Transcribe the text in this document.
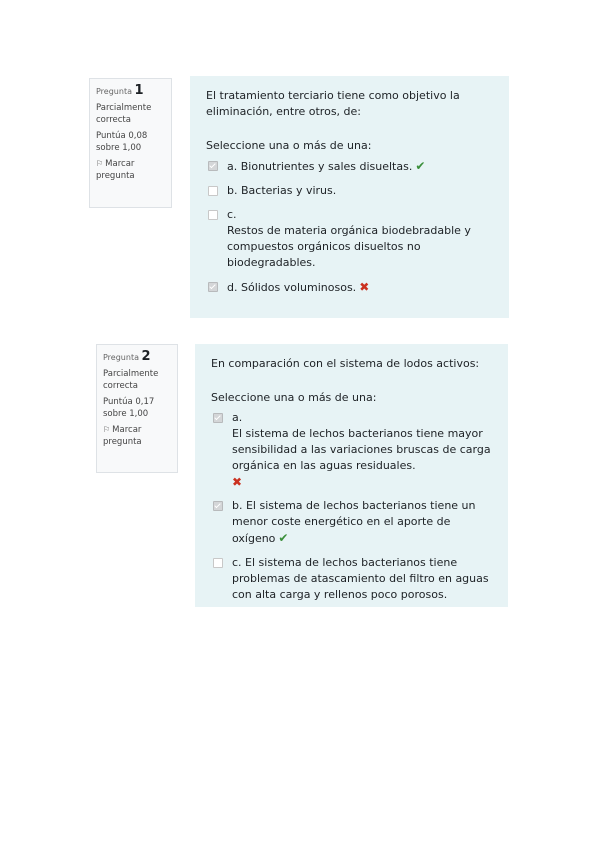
Pregunta 1
Parcialmente correcta
Puntúa 0,08 sobre 1,00
⚐ Marcar pregunta
El tratamiento terciario tiene como objetivo la eliminación, entre otros, de:
Seleccione una o más de una:
a. Bionutrientes y sales disueltas. ✔
b. Bacterias y virus.
c.
Restos de materia orgánica biodebradable y compuestos orgánicos disueltos no biodegradables.
d. Sólidos voluminosos. ✖
Pregunta 2
Parcialmente correcta
Puntúa 0,17 sobre 1,00
⚐ Marcar pregunta
En comparación con el sistema de lodos activos:
Seleccione una o más de una:
a.
El sistema de lechos bacterianos tiene mayor sensibilidad a las variaciones bruscas de carga orgánica en las aguas residuales.
✖
b. El sistema de lechos bacterianos tiene un menor coste energético en el aporte de oxígeno ✔
c. El sistema de lechos bacterianos tiene problemas de atascamiento del filtro en aguas con alta carga y rellenos poco porosos.
